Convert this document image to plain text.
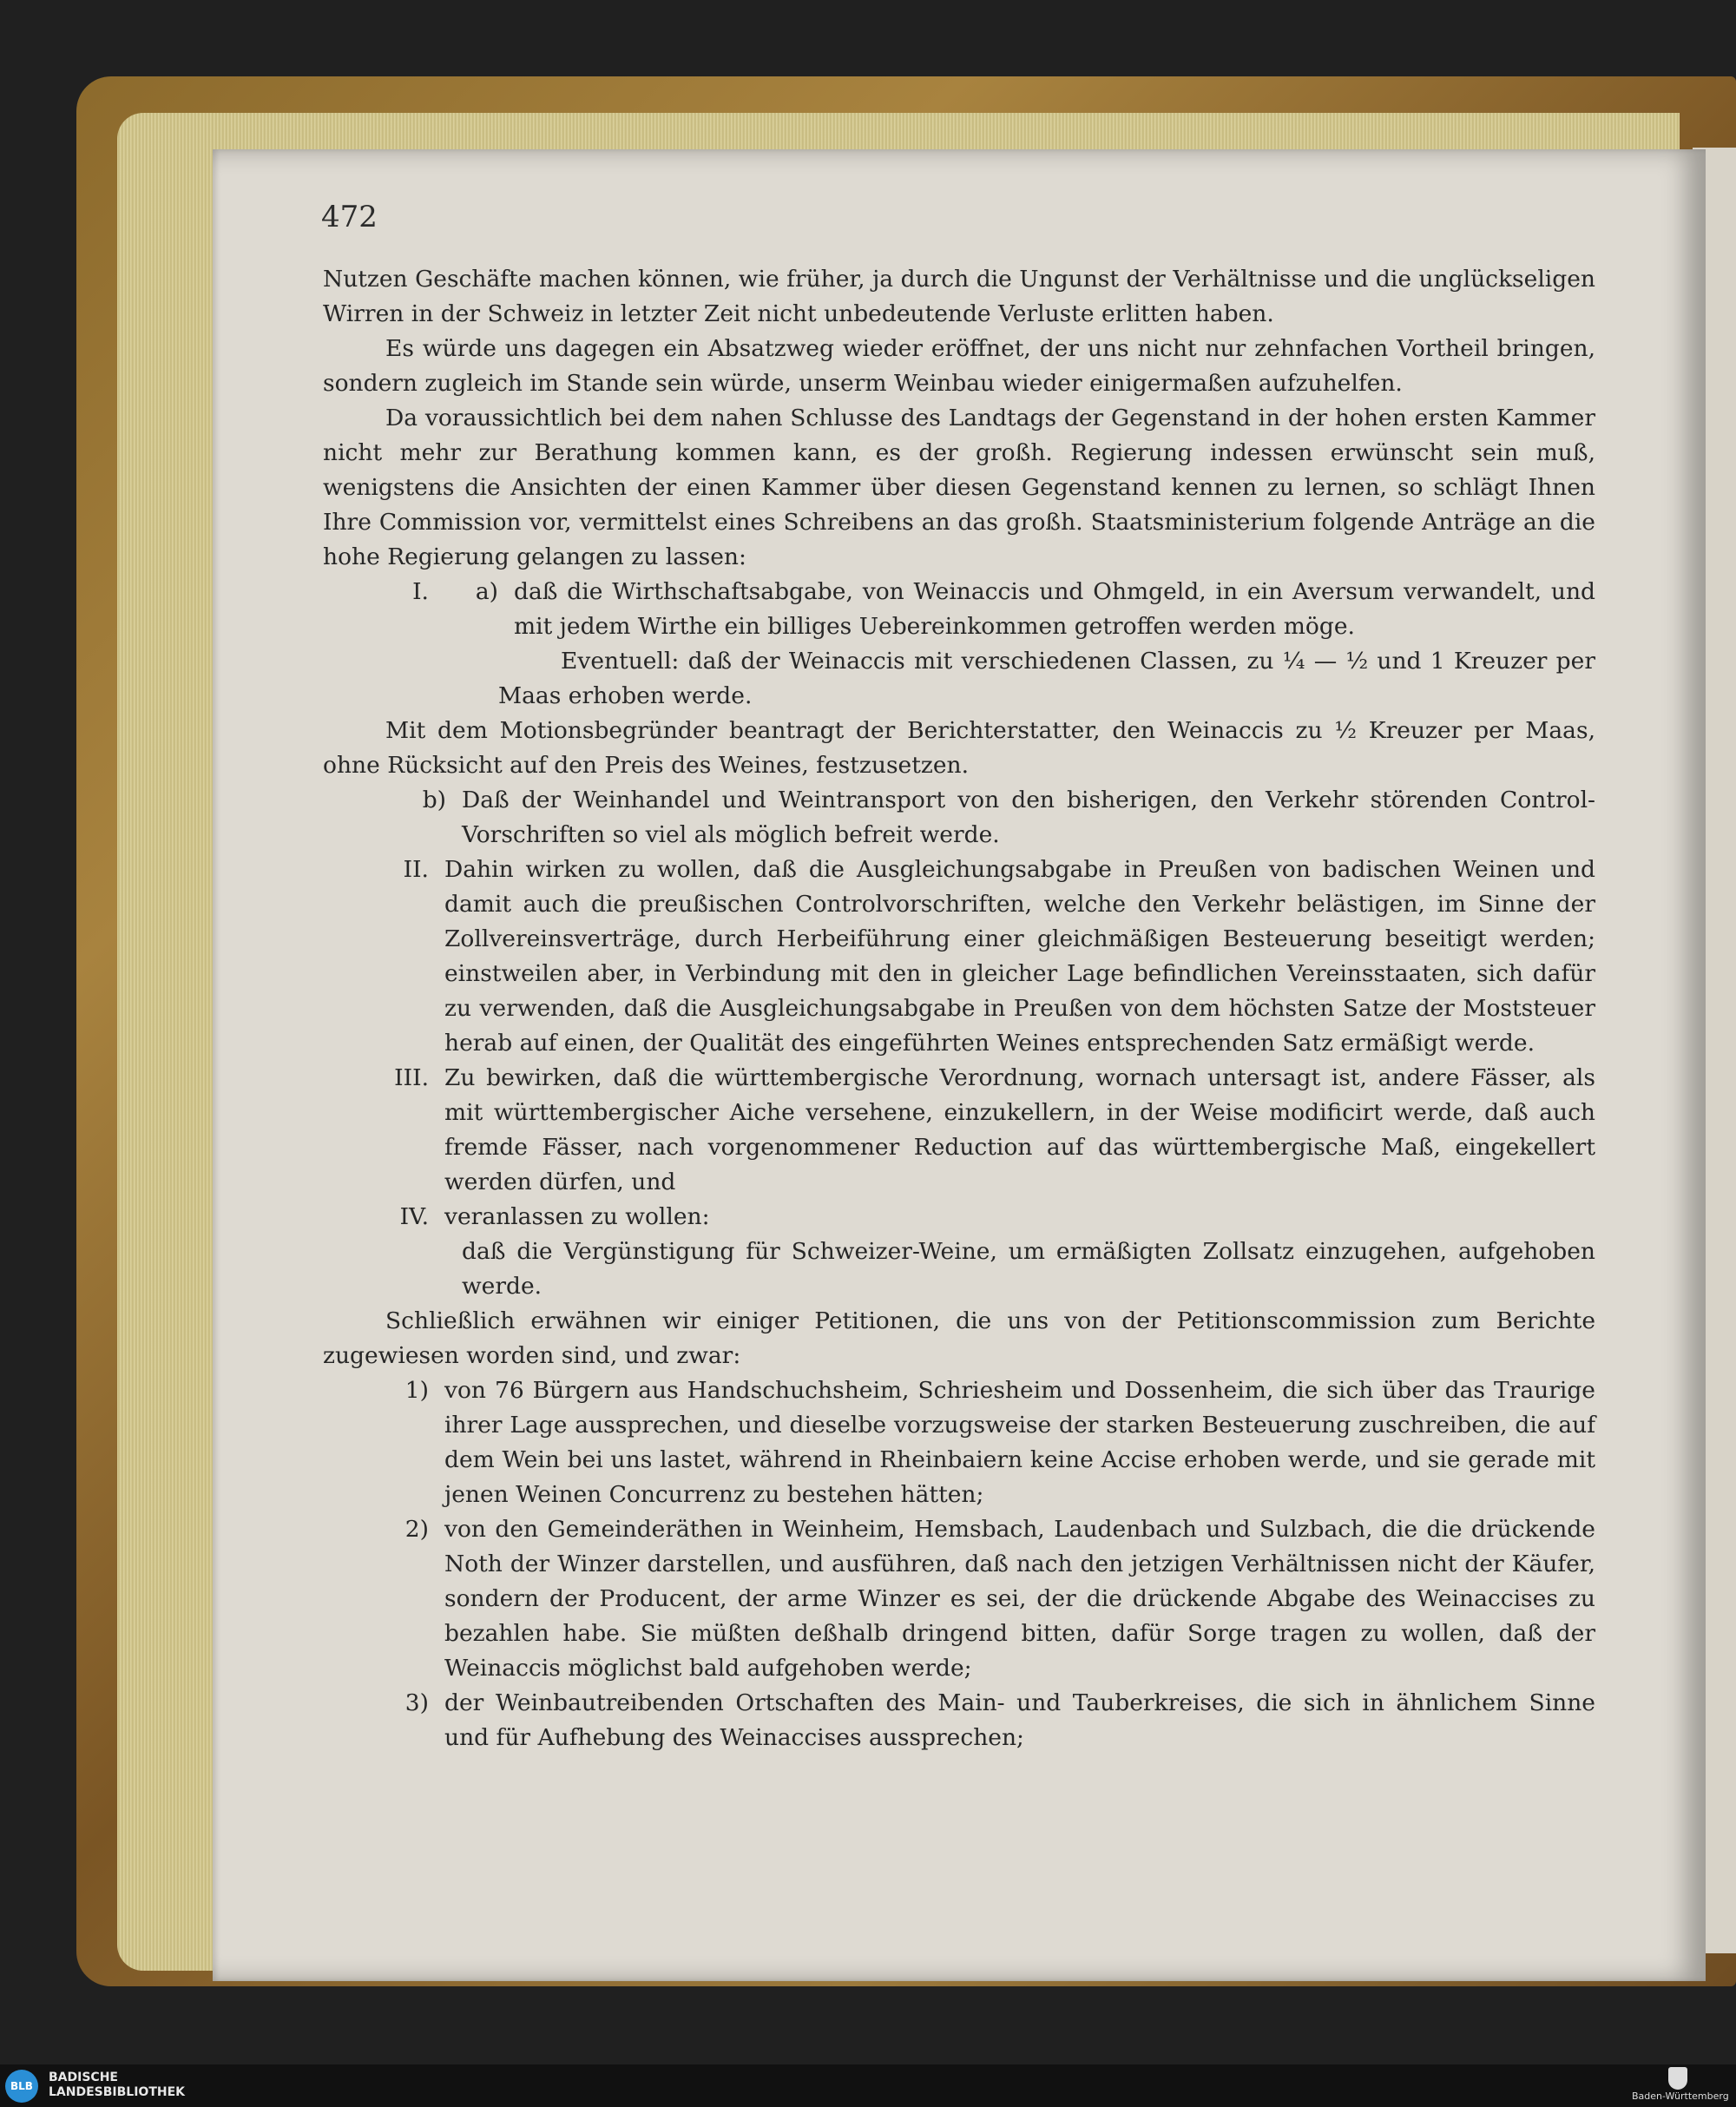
472

Nutzen Geschäfte machen können, wie früher, ja durch die Ungunst der Verhältnisse und die unglückseligen Wirren in der Schweiz in letzter Zeit nicht unbedeutende Verluste erlitten haben.

Es würde uns dagegen ein Absatzweg wieder eröffnet, der uns nicht nur zehnfachen Vortheil bringen, sondern zugleich im Stande sein würde, unserm Weinbau wieder einigermaßen aufzuhelfen.

Da voraussichtlich bei dem nahen Schlusse des Landtags der Gegenstand in der hohen ersten Kammer nicht mehr zur Berathung kommen kann, es der großh. Regierung indessen erwünscht sein muß, wenigstens die Ansichten der einen Kammer über diesen Gegenstand kennen zu lernen, so schlägt Ihnen Ihre Commission vor, vermittelst eines Schreibens an das großh. Staatsministerium folgende Anträge an die hohe Regierung gelangen zu lassen:

I.	a) daß die Wirthschaftsabgabe, von Weinaccis und Ohmgeld, in ein Aversum verwandelt, und mit jedem Wirthe ein billiges Uebereinkommen getroffen werden möge.

Eventuell: daß der Weinaccis mit verschiedenen Classen, zu ¼ — ½ und 1 Kreuzer per Maas erhoben werde.

Mit dem Motionsbegründer beantragt der Berichterstatter, den Weinaccis zu ½ Kreuzer per Maas, ohne Rücksicht auf den Preis des Weines, festzusetzen.

b) Daß der Weinhandel und Weintransport von den bisherigen, den Verkehr störenden Control-Vorschriften so viel als möglich befreit werde.
II. Dahin wirken zu wollen, daß die Ausgleichungsabgabe in Preußen von badischen Weinen und damit auch die preußischen Controlvorschriften, welche den Verkehr belästigen, im Sinne der Zollvereinsverträge, durch Herbeiführung einer gleichmäßigen Besteuerung beseitigt werden; einstweilen aber, in Verbindung mit den in gleicher Lage befindlichen Vereinsstaaten, sich dafür zu verwenden, daß die Ausgleichungsabgabe in Preußen von dem höchsten Satze der Moststeuer herab auf einen, der Qualität des eingeführten Weines entsprechenden Satz ermäßigt werde.
III. Zu bewirken, daß die württembergische Verordnung, wornach untersagt ist, andere Fässer, als mit württembergischer Aiche versehene, einzukellern, in der Weise modificirt werde, daß auch fremde Fässer, nach vorgenommener Reduction auf das württembergische Maß, eingekellert werden dürfen, und
IV. veranlassen zu wollen:

daß die Vergünstigung für Schweizer-Weine, um ermäßigten Zollsatz einzugehen, aufgehoben werde.

Schließlich erwähnen wir einiger Petitionen, die uns von der Petitionscommission zum Berichte zugewiesen worden sind, und zwar:

1) von 76 Bürgern aus Handschuchsheim, Schriesheim und Dossenheim, die sich über das Traurige ihrer Lage aussprechen, und dieselbe vorzugsweise der starken Besteuerung zuschreiben, die auf dem Wein bei uns lastet, während in Rheinbaiern keine Accise erhoben werde, und sie gerade mit jenen Weinen Concurrenz zu bestehen hätten;
2) von den Gemeinderäthen in Weinheim, Hemsbach, Laudenbach und Sulzbach, die die drückende Noth der Winzer darstellen, und ausführen, daß nach den jetzigen Verhältnissen nicht der Käufer, sondern der Producent, der arme Winzer es sei, der die drückende Abgabe des Weinaccises zu bezahlen habe. Sie müßten deßhalb dringend bitten, dafür Sorge tragen zu wollen, daß der Weinaccis möglichst bald aufgehoben werde;
3) der Weinbautreibenden Ortschaften des Main- und Tauberkreises, die sich in ähnlichem Sinne und für Aufhebung des Weinaccises aussprechen;
BLB
BADISCHE
LANDESBIBLIOTHEK	Baden-Württemberg
